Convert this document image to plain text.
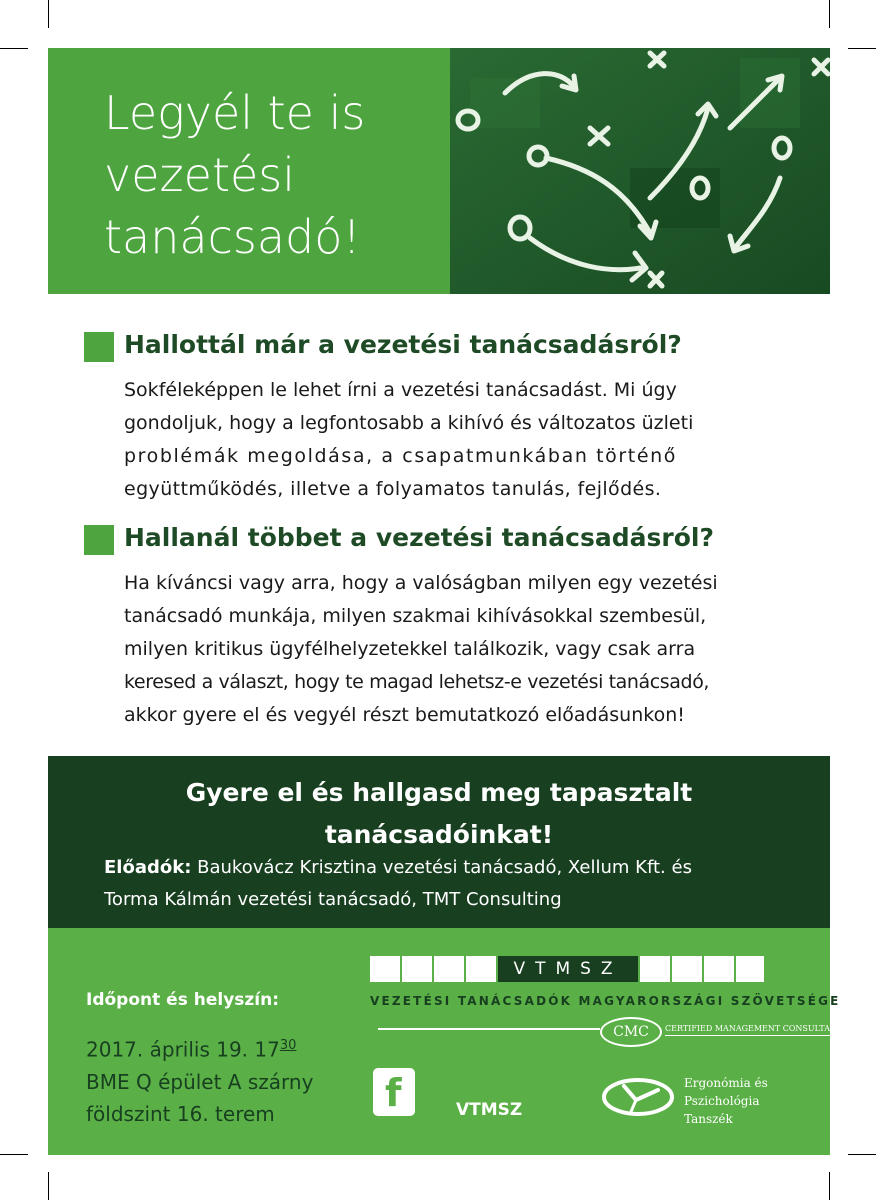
Legyél te is
vezetési
tanácsadó!
Hallottál már a vezetési tanácsadásról?

Sokféleképpen le lehet írni a vezetési tanácsadást. Mi úgy
gondoljuk, hogy a legfontosabb a kihívó és változatos üzleti
problémák megoldása, a csapatmunkában történő
együttműködés, illetve a folyamatos tanulás, fejlődés.

Hallanál többet a vezetési tanácsadásról?

Ha kíváncsi vagy arra, hogy a valóságban milyen egy vezetési
tanácsadó munkája, milyen szakmai kihívásokkal szembesül,
milyen kritikus ügyfélhelyzetekkel találkozik, vagy csak arra
keresed a választ, hogy te magad lehetsz-e vezetési tanácsadó,
akkor gyere el és vegyél részt bemutatkozó előadásunkon!

Gyere el és hallgasd meg tapasztalt
tanácsadóinkat!
Előadók: Baukovácz Krisztina vezetési tanácsadó, Xellum Kft. és
Torma Kálmán vezetési tanácsadó, TMT Consulting
Időpont és helyszín:
2017. április 19. $17^{30}$
BME Q épület A szárny
földszint 16. terem	f	VTMSZ
VTMSZ
VEZETÉSI TANÁCSADÓK MAGYARORSZÁGI SZÖVETSÉGE
CMC	CERTIFIED MANAGEMENT CONSULTANT
Ergonómia és
Pszichológia
Tanszék
